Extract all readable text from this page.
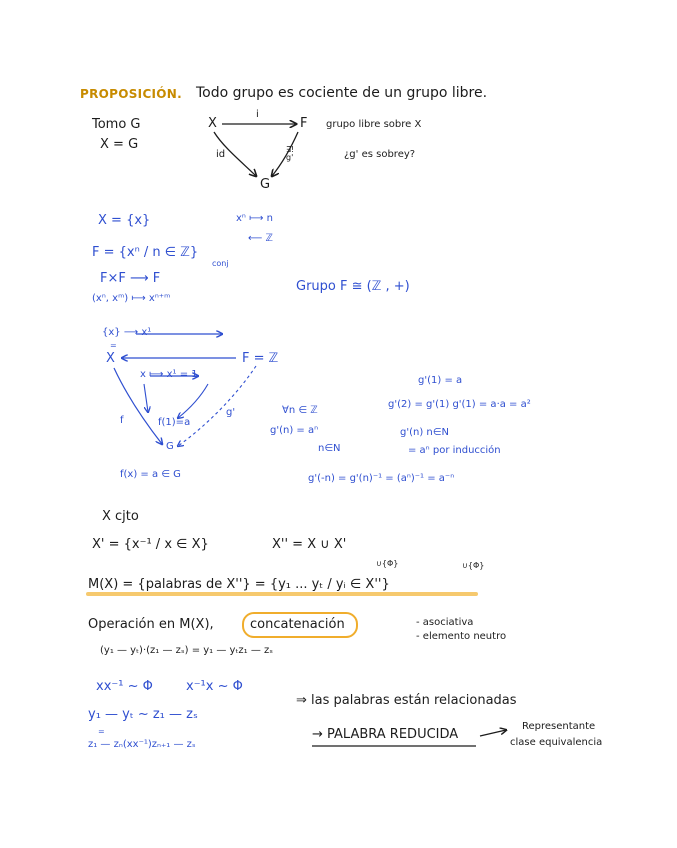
PROPOSICIÓN. Todo grupo es cociente de un grupo libre.
Tomo G
X = G
X
i
F grupo libre sobre X
id	∃! g'	¿g' es sobrey?
G
X = {x}	xⁿ ⟼ n
⟵ ℤ
F = {xⁿ / n ∈ ℤ}
conj
F×F ⟶ F
(xⁿ, xᵐ) ⟼ xⁿ⁺ᵐ
Grupo F ≅ (ℤ , +)
{x} ⟶ x¹
=
X	F = ℤ
x ⟼ x¹ = 1
f	f(1)=a
g'
G
f(x) = a ∈ G
g'(1) = a
g'(2) = g'(1) g'(1) = a·a = a²
∀n ∈ ℤ
g'(n) = aⁿ
n∈N
g'(n) n∈N
= aⁿ por inducción
g'(-n) = g'(n)⁻¹ = (aⁿ)⁻¹ = a⁻ⁿ
X cjto
X' = {x⁻¹ / x ∈ X}	X'' = X ∪ X'
∪{Φ}	∪{Φ}
M(X) = {palabras de X''} = {y₁ ... yₜ / yᵢ ∈ X''}
Operación en M(X),	concatenación	- asociativa
- elemento neutro
(y₁ — yₜ)·(z₁ — zₛ) = y₁ — yₜz₁ — zₛ
xx⁻¹ ~ Φ	x⁻¹x ~ Φ
⇒ las palabras están relacionadas
y₁ — yₜ ~ z₁ — zₛ
=
z₁ — zₙ(xx⁻¹)zₙ₊₁ — zₛ
→ PALABRA REDUCIDA
Representante
clase equivalencia
